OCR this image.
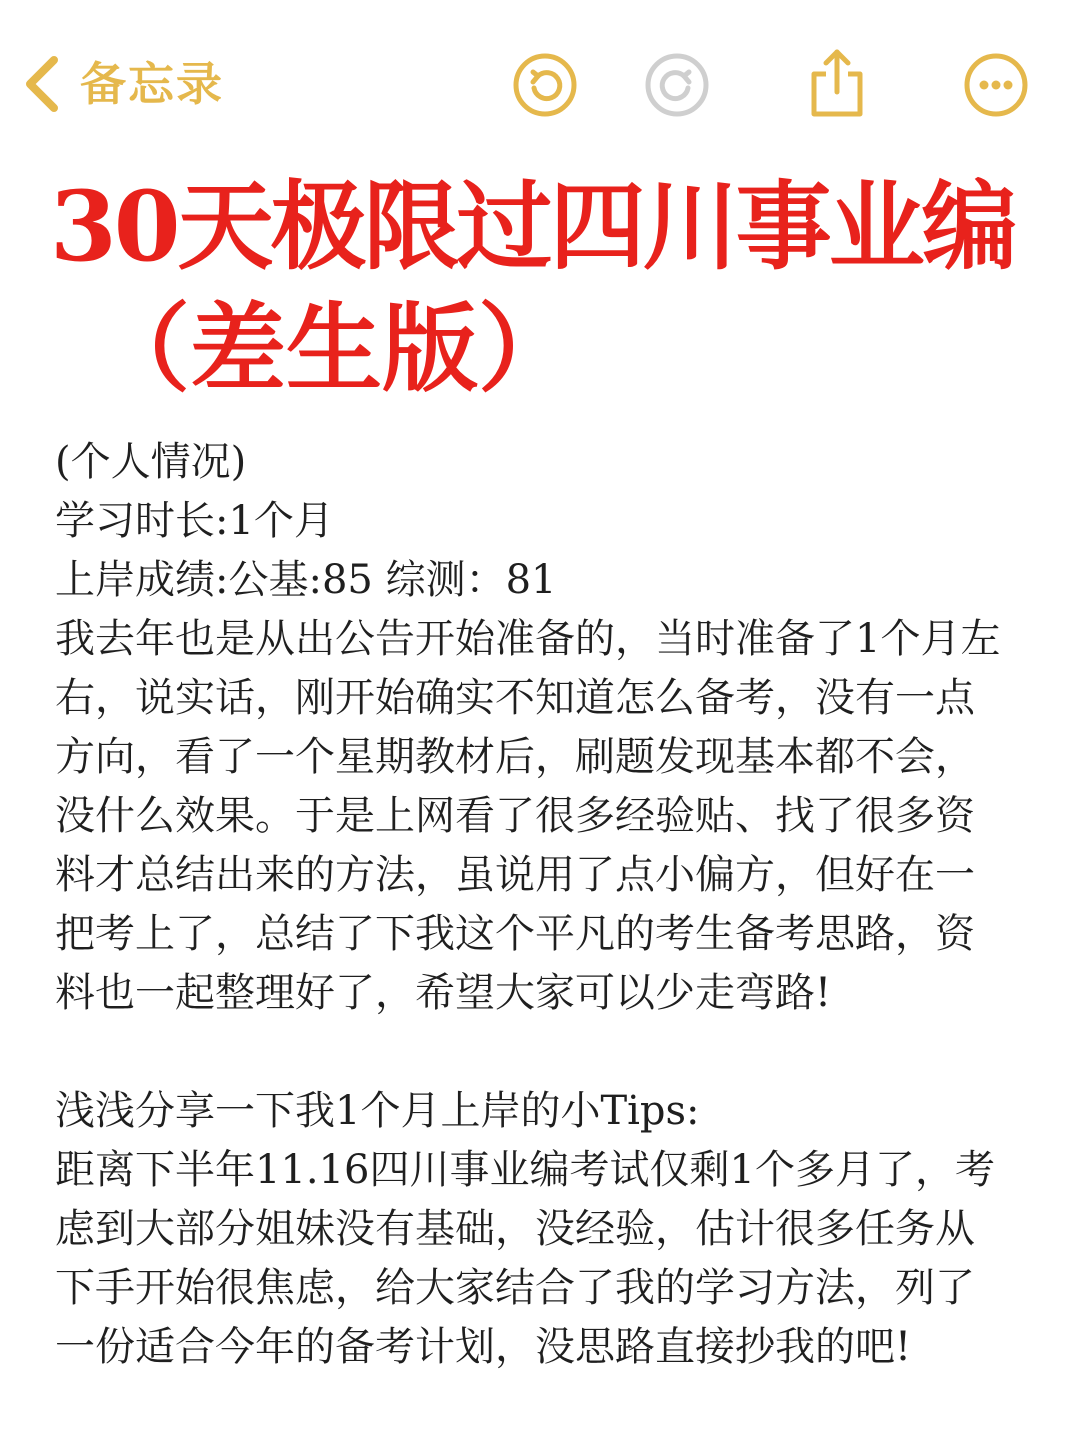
备忘录
30天极限过四川事业编
（差生版）
(个人情况)
学习时长:1个月
上岸成绩:公基:85 综测：81
我去年也是从出公告开始准备的，当时准备了1个月左
右，说实话，刚开始确实不知道怎么备考，没有一点
方向，看了一个星期教材后，刷题发现基本都不会，
没什么效果。于是上网看了很多经验贴、找了很多资
料才总结出来的方法，虽说用了点小偏方，但好在一
把考上了，总结了下我这个平凡的考生备考思路，资
料也一起整理好了，希望大家可以少走弯路!
浅浅分享一下我1个月上岸的小Tips:
距离下半年11.16四川事业编考试仅剩1个多月了，考
虑到大部分姐妹没有基础，没经验，估计很多任务从
下手开始很焦虑，给大家结合了我的学习方法，列了
一份适合今年的备考计划，没思路直接抄我的吧!
